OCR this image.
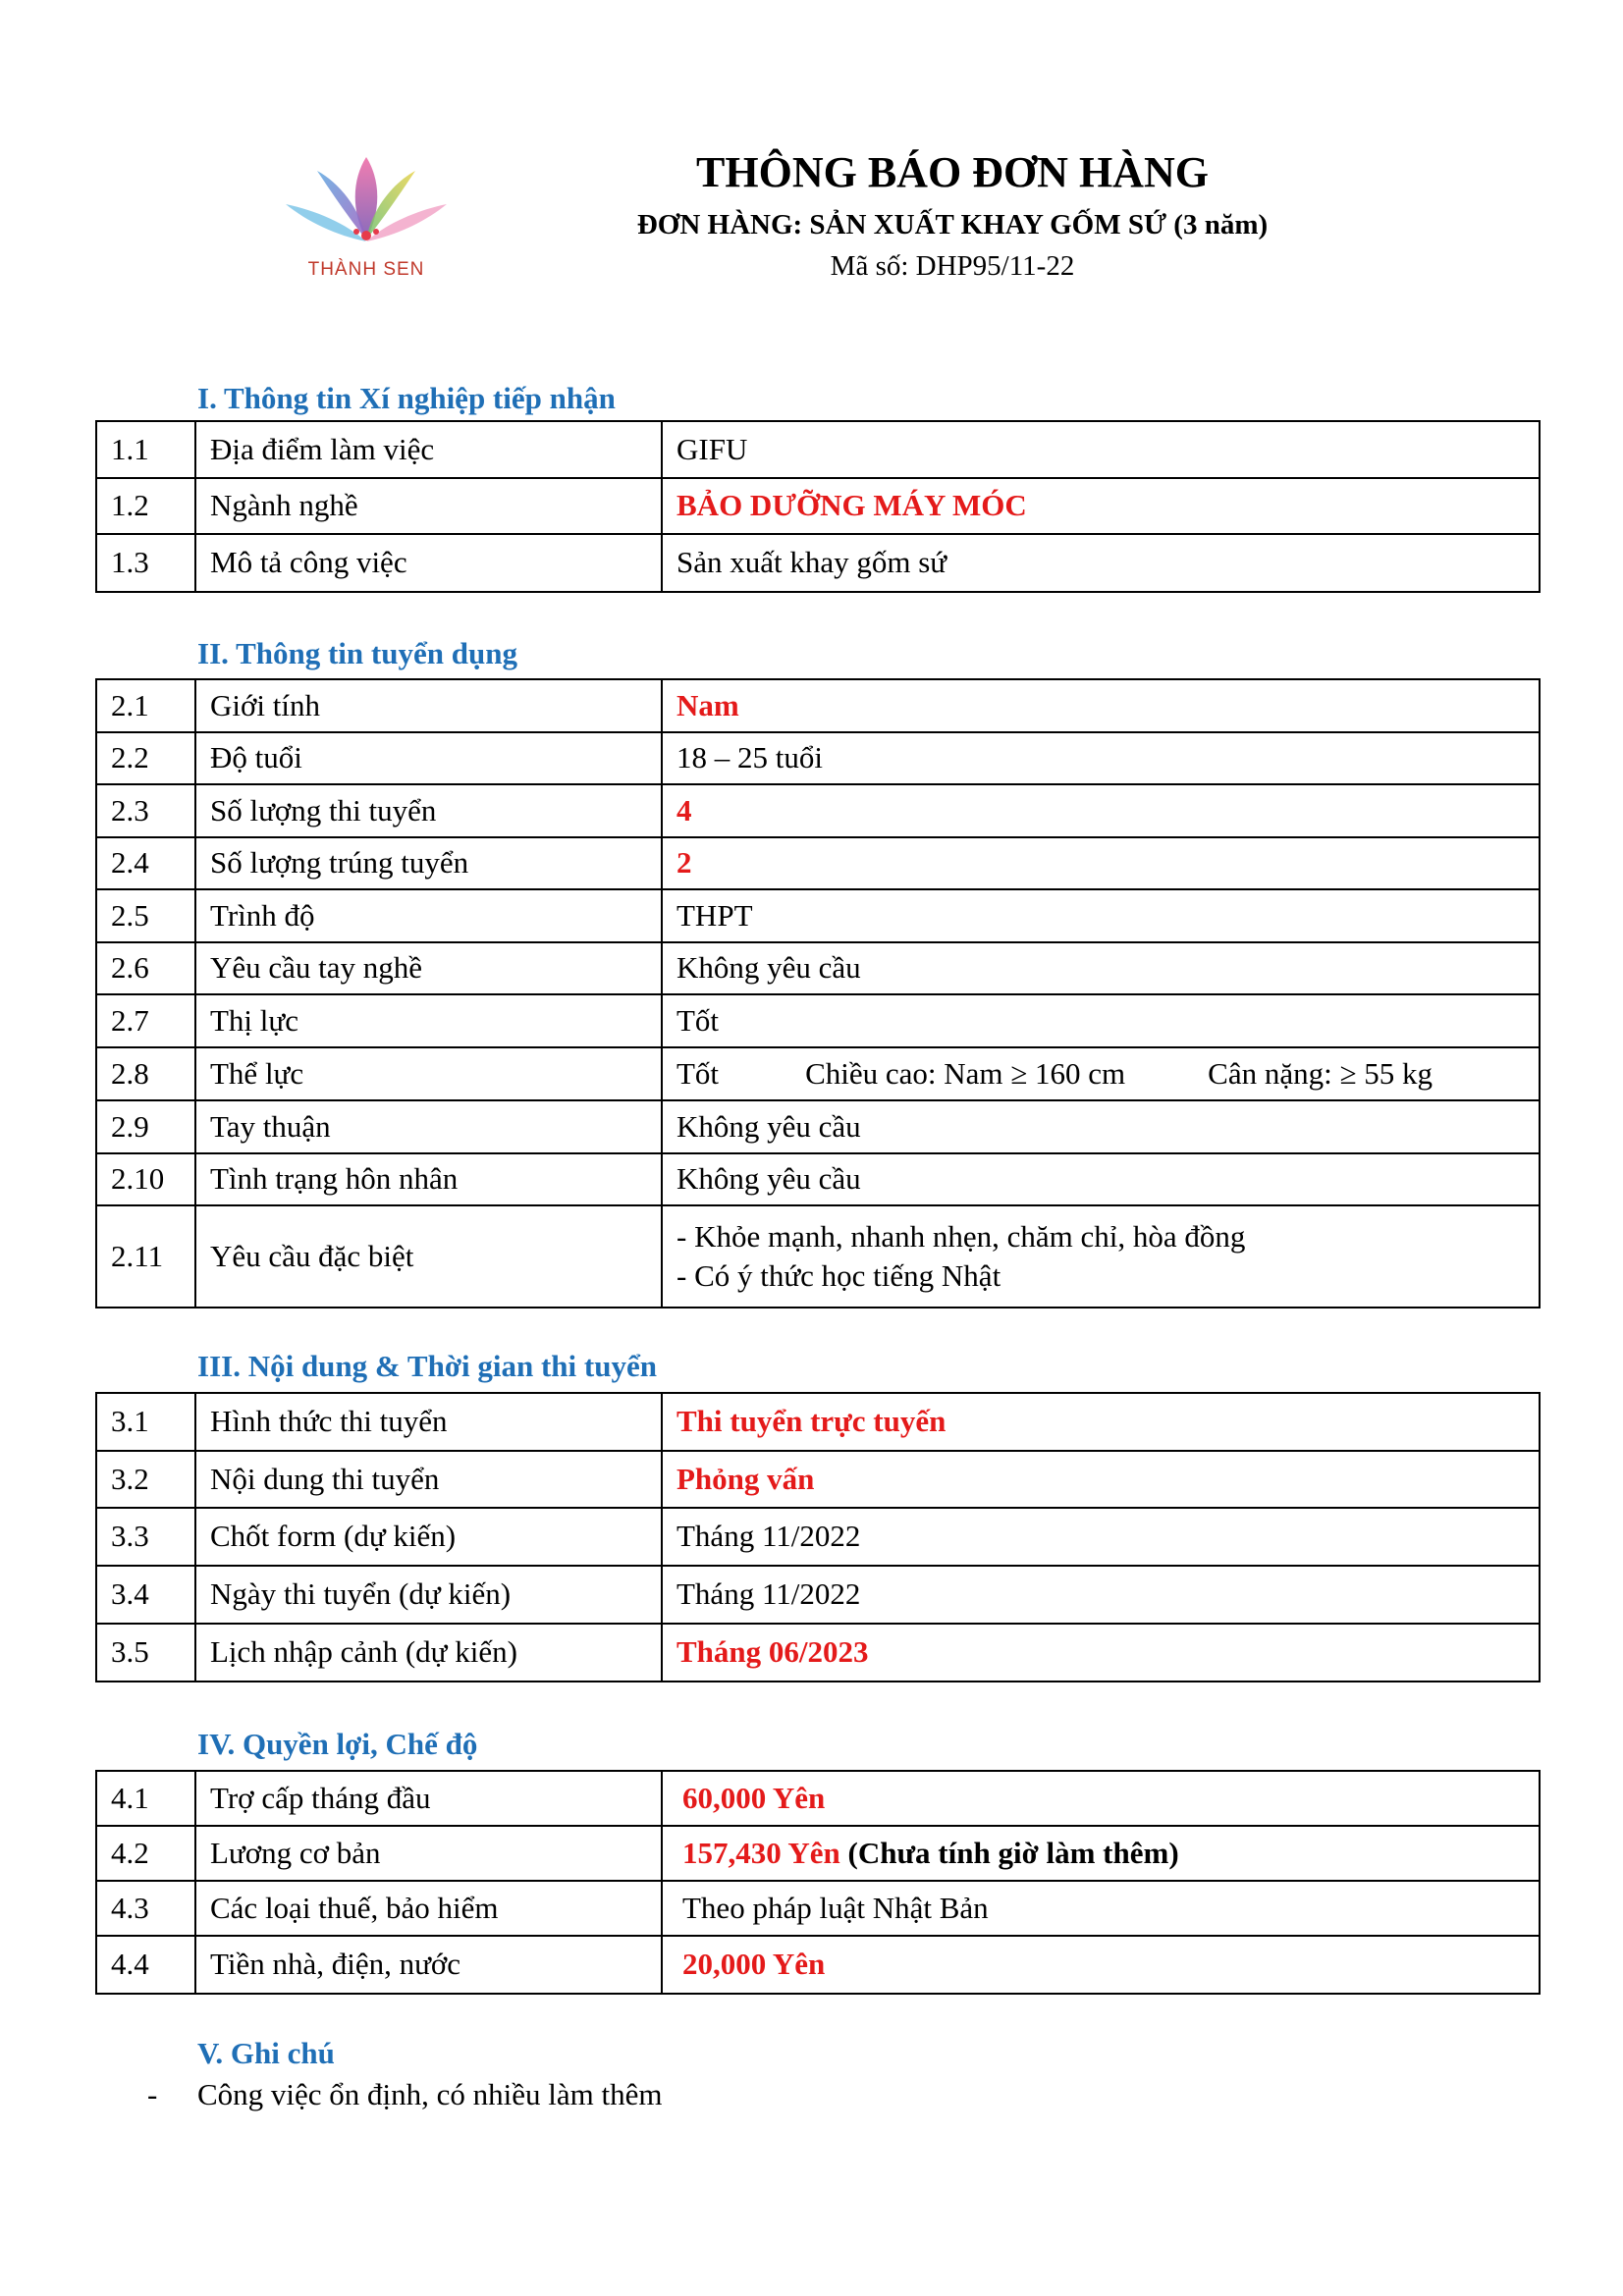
THÀNH SEN
THÔNG BÁO ĐƠN HÀNG
ĐƠN HÀNG: SẢN XUẤT KHAY GỐM SỨ (3 năm)
Mã số: DHP95/11-22
I. Thông tin Xí nghiệp tiếp nhận
1.1	Địa điểm làm việc	GIFU
1.2	Ngành nghề	BẢO DƯỠNG MÁY MÓC
1.3	Mô tả công việc	Sản xuất khay gốm sứ
II. Thông tin tuyển dụng
2.1	Giới tính	Nam
2.2	Độ tuổi	18 – 25 tuổi
2.3	Số lượng thi tuyển	4
2.4	Số lượng trúng tuyển	2
2.5	Trình độ	THPT
2.6	Yêu cầu tay nghề	Không yêu cầu
2.7	Thị lực	Tốt
2.8	Thể lực	Tốt Chiều cao: Nam ≥ 160 cm Cân nặng: ≥ 55 kg
2.9	Tay thuận	Không yêu cầu
2.10	Tình trạng hôn nhân	Không yêu cầu
2.11	Yêu cầu đặc biệt	- Khỏe mạnh, nhanh nhẹn, chăm chỉ, hòa đồng
- Có ý thức học tiếng Nhật
III. Nội dung & Thời gian thi tuyển
3.1	Hình thức thi tuyển	Thi tuyển trực tuyến
3.2	Nội dung thi tuyển	Phỏng vấn
3.3	Chốt form (dự kiến)	Tháng 11/2022
3.4	Ngày thi tuyển (dự kiến)	Tháng 11/2022
3.5	Lịch nhập cảnh (dự kiến)	Tháng 06/2023
IV. Quyền lợi, Chế độ
4.1	Trợ cấp tháng đầu	60,000 Yên
4.2	Lương cơ bản	157,430 Yên (Chưa tính giờ làm thêm)
4.3	Các loại thuế, bảo hiểm	Theo pháp luật Nhật Bản
4.4	Tiền nhà, điện, nước	20,000 Yên
V. Ghi chú
- Công việc ổn định, có nhiều làm thêm
